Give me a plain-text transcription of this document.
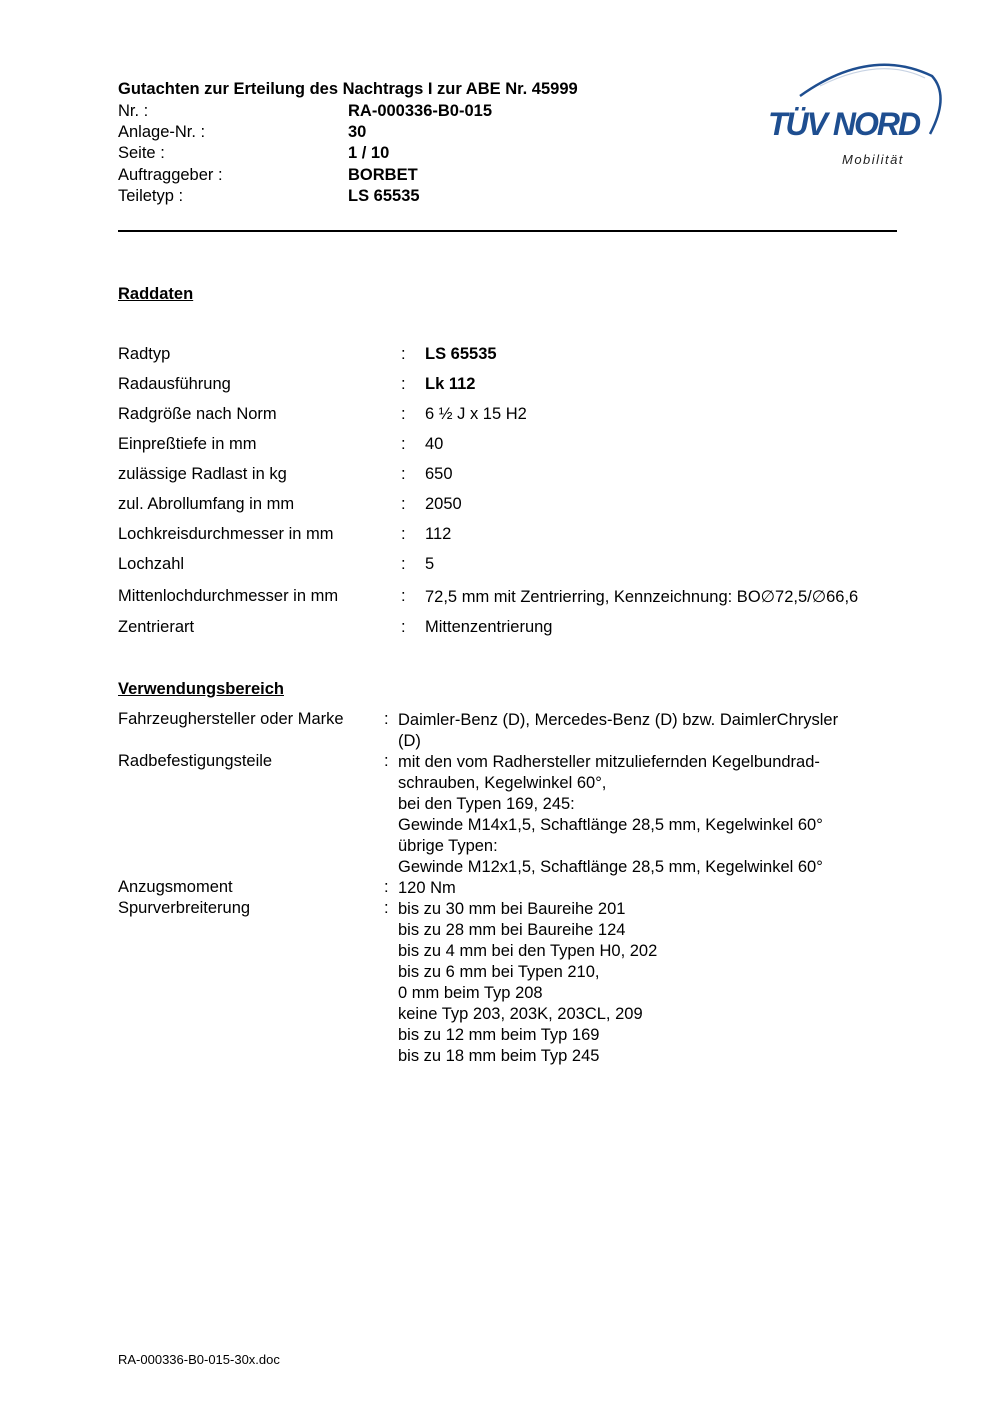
Gutachten zur Erteilung des Nachtrags I zur ABE Nr. 45999
Nr. :	RA-000336-B0-015
Anlage-Nr. :	30
Seite :	1 / 10
Auftraggeber :	BORBET
Teiletyp :	LS 65535
TÜV NORD
Mobilität
Raddaten
Radtyp	: LS 65535
Radausführung	: Lk 112
Radgröße nach Norm	: 6 ½ J x 15 H2
Einpreßtiefe in mm	: 40
zulässige Radlast in kg	: 650
zul. Abrollumfang in mm	: 2050
Lochkreisdurchmesser in mm	: 112
Lochzahl	: 5
Mittenlochdurchmesser in mm	: 72,5 mm mit Zentrierring, Kennzeichnung: BO∅72,5/∅66,6
Zentrierart	: Mittenzentrierung
Verwendungsbereich
Fahrzeughersteller oder Marke : Daimler-Benz (D), Mercedes-Benz (D) bzw. DaimlerChrysler
(D)
Radbefestigungsteile	: mit den vom Radhersteller mitzuliefernden Kegelbundrad-
schrauben, Kegelwinkel 60°,
bei den Typen 169, 245:
Gewinde M14x1,5, Schaftlänge 28,5 mm, Kegelwinkel 60°
übrige Typen:
Gewinde M12x1,5, Schaftlänge 28,5 mm, Kegelwinkel 60°
Anzugsmoment	: 120 Nm
Spurverbreiterung	: bis zu 30 mm bei Baureihe 201
bis zu 28 mm bei Baureihe 124
bis zu 4 mm bei den Typen H0, 202
bis zu 6 mm bei Typen 210,
0 mm beim Typ 208
keine Typ 203, 203K, 203CL, 209
bis zu 12 mm beim Typ 169
bis zu 18 mm beim Typ 245
RA-000336-B0-015-30x.doc
